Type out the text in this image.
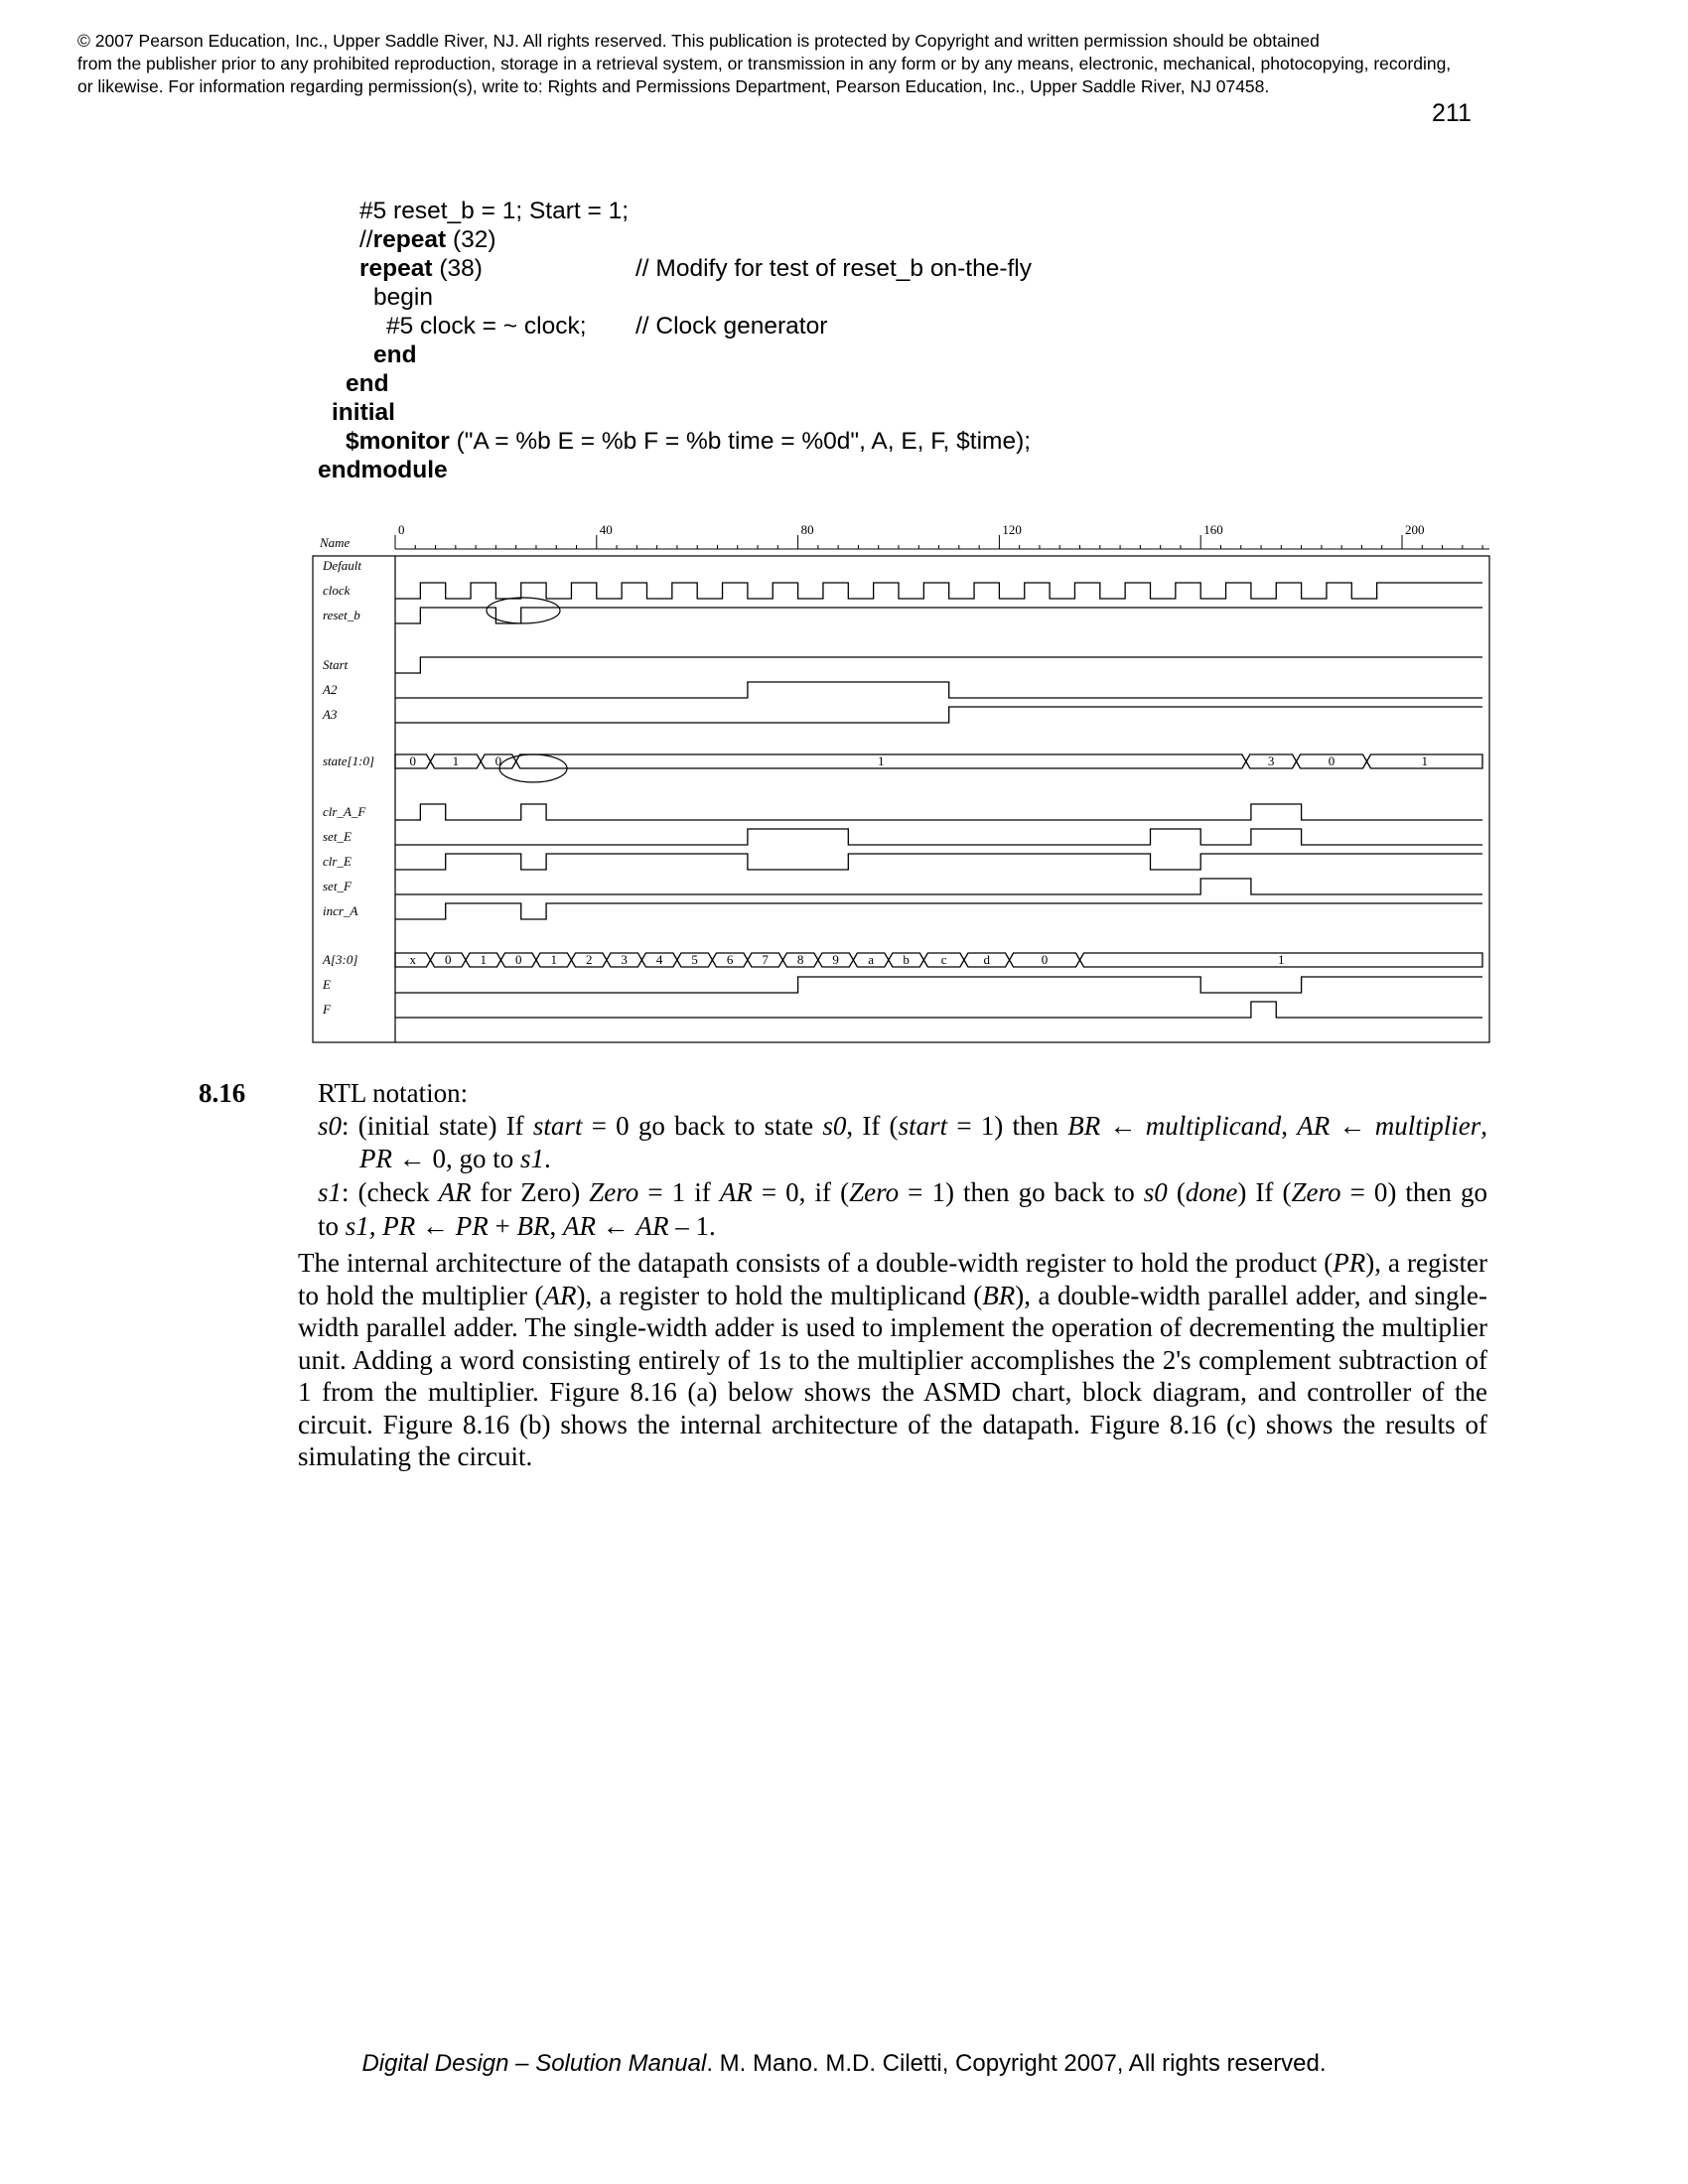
© 2007 Pearson Education, Inc., Upper Saddle River, NJ. All rights reserved. This publication is protected by Copyright and written permission should be obtained
from the publisher prior to any prohibited reproduction, storage in a retrieval system, or transmission in any form or by any means, electronic, mechanical, photocopying, recording,
or likewise. For information regarding permission(s), write to: Rights and Permissions Department, Pearson Education, Inc., Upper Saddle River, NJ 07458.
211
#5 reset_b = 1; Start = 1;
//repeat (32)
repeat (38)	// Modify for test of reset_b on-the-fly
begin
#5 clock = ~ clock; // Clock generator
end
end
initial
$monitor ("A = %b E = %b F = %b time = %0d", A, E, F, $time);
endmodule
Name
0	40	80	120	160	200
Default
clock
reset_b
Start
A2
A3
state[1:0]
clr_A_F
set_E
clr_E
set_F
incr_A
A[3:0]
E
F
0	1	0	1	3	0	1
x 0 1 0 1 2 3 4 5 6 7 8 9 a b c	d	0	1
8.16	RTL notation:
s0: (initial state) If start = 0 go back to state s0, If (start = 1) then BR ← multiplicand, AR ← multiplier,
PR ← 0, go to s1.
s1: (check AR for Zero) Zero = 1 if AR = 0, if (Zero = 1) then go back to s0 (done) If (Zero = 0) then go
to s1, PR ← PR + BR, AR ← AR – 1.
The internal architecture of the datapath consists of a double-width register to hold the product (PR), a register to hold the multiplier (AR), a register to hold the multiplicand (BR), a double-width parallel adder, and single-width parallel adder. The single-width adder is used to implement the operation of decrementing the multiplier unit. Adding a word consisting entirely of 1s to the multiplier accomplishes the 2's complement subtraction of 1 from the multiplier. Figure 8.16 (a) below shows the ASMD chart, block diagram, and controller of the circuit. Figure 8.16 (b) shows the internal architecture of the datapath. Figure 8.16 (c) shows the results of simulating the circuit.
Digital Design – Solution Manual. M. Mano. M.D. Ciletti, Copyright 2007, All rights reserved.
